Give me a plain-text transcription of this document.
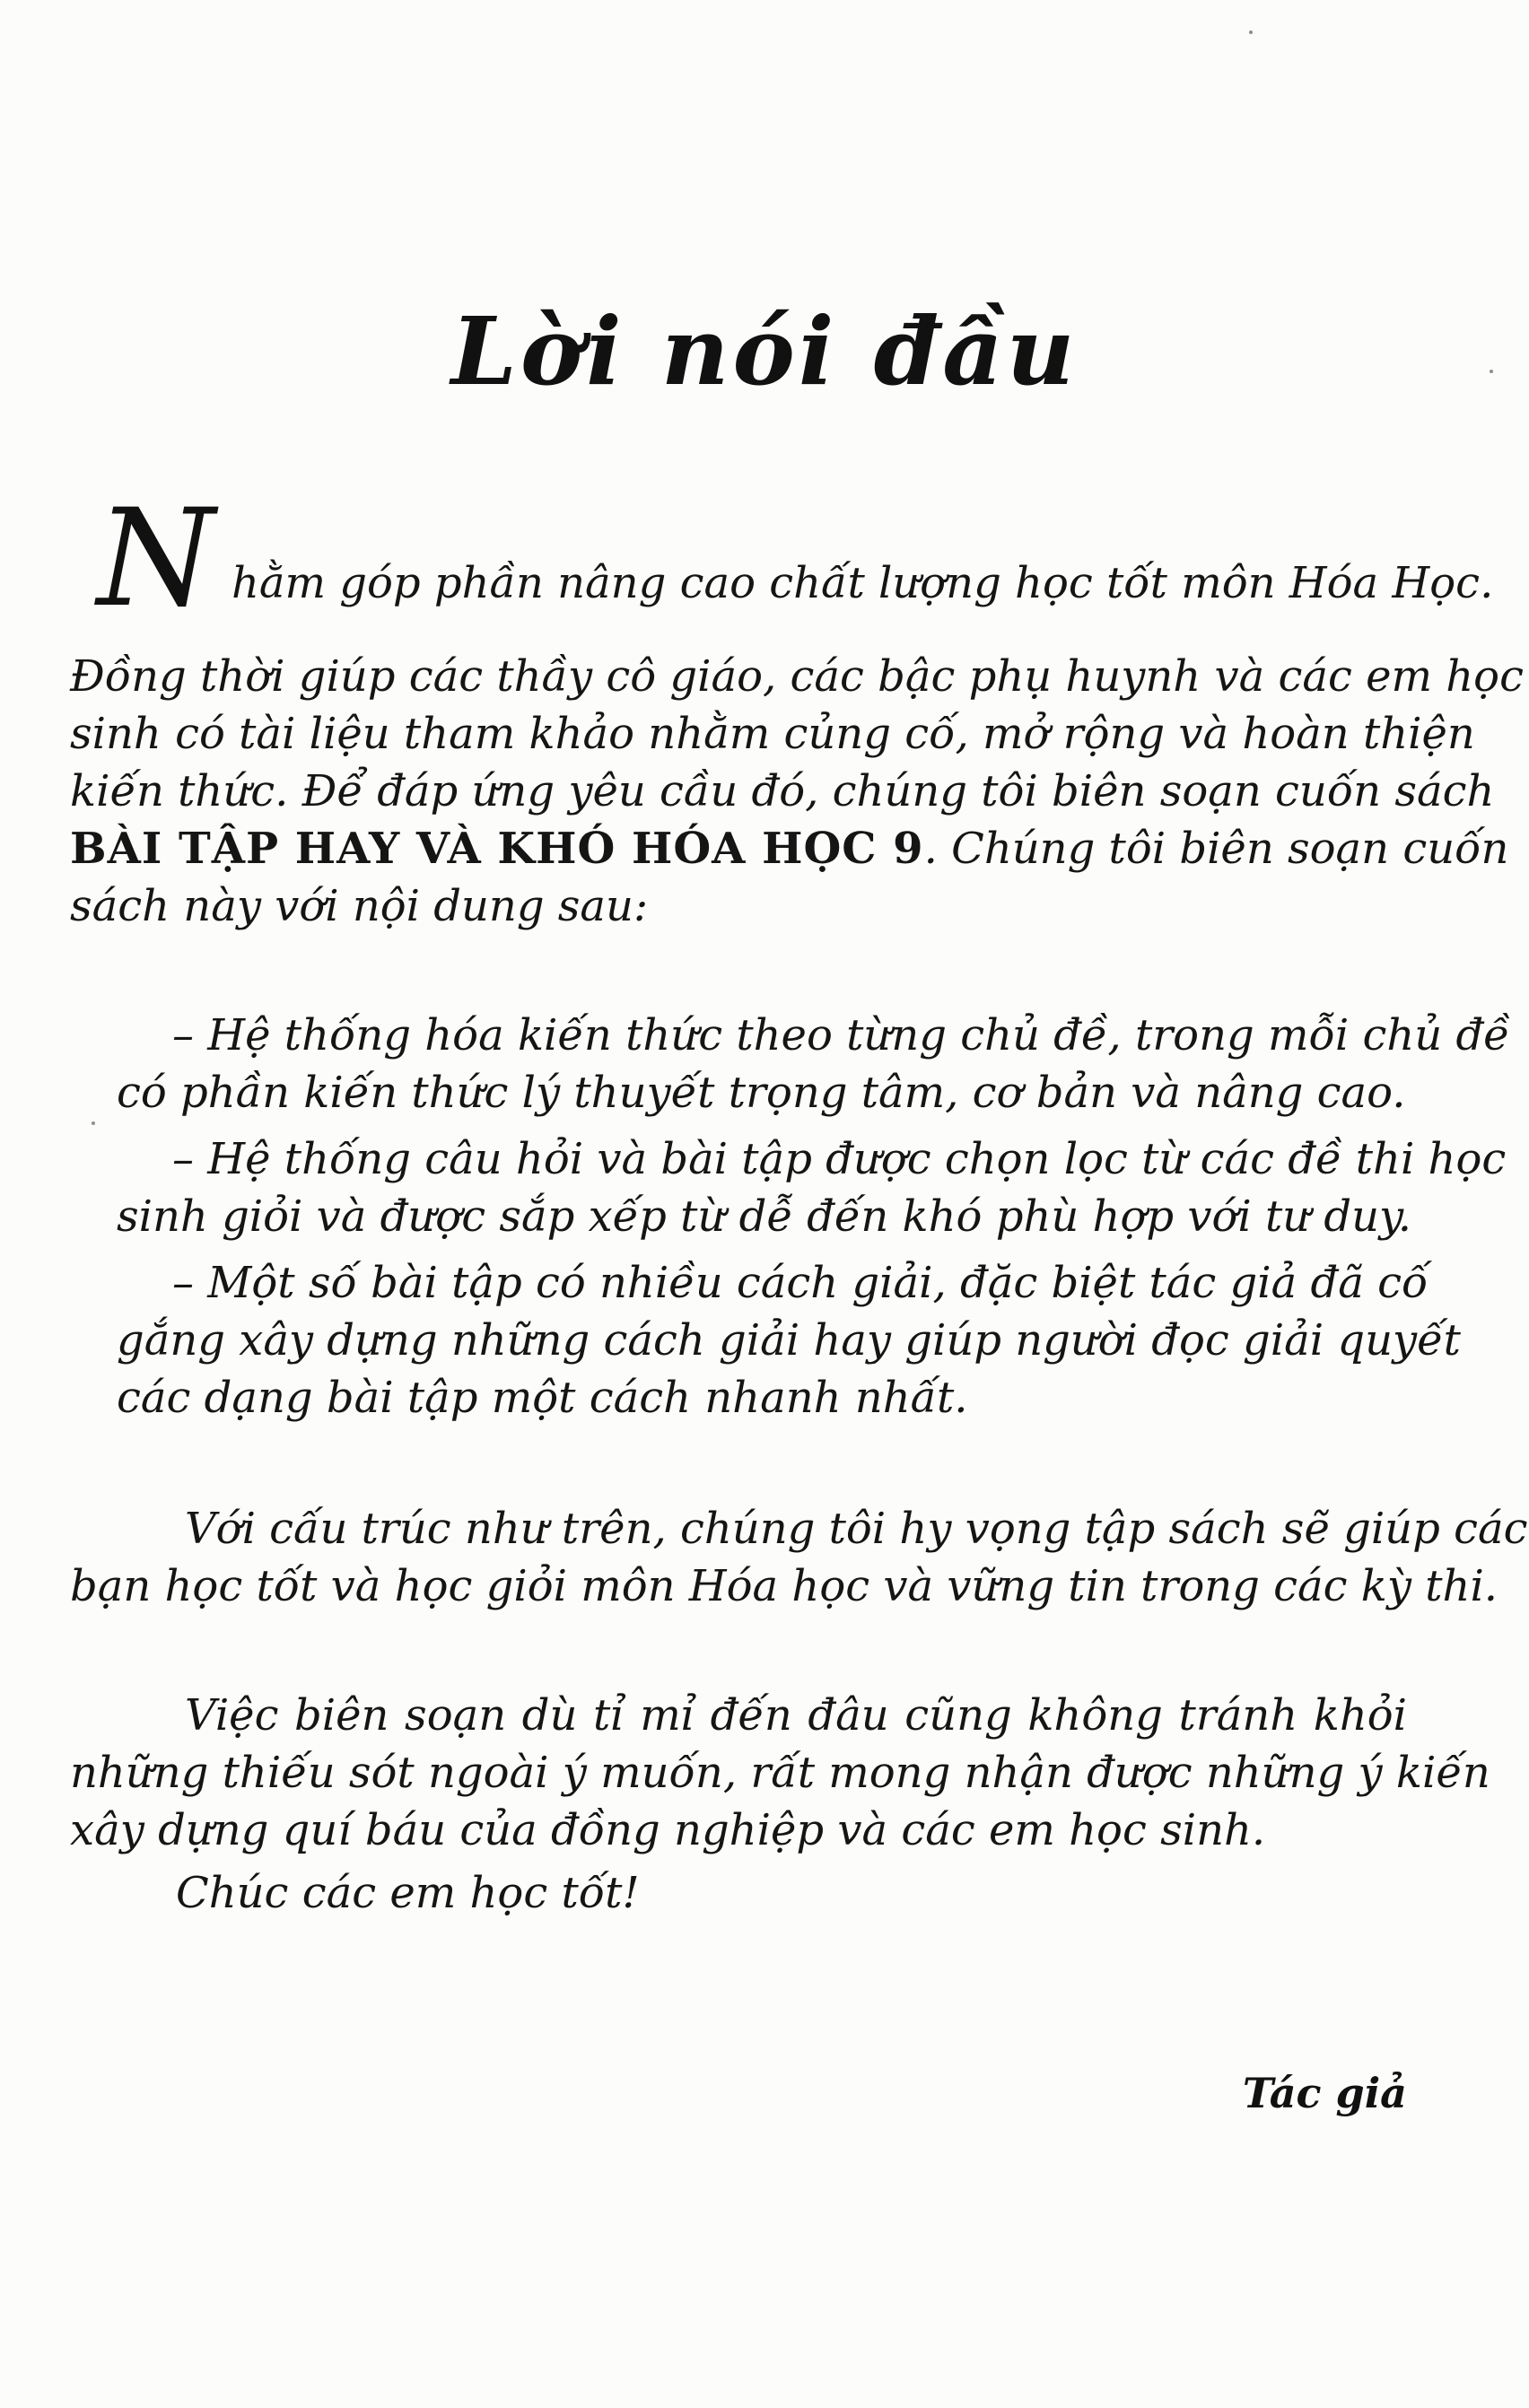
Lời nói đầu
N hằm góp phần nâng cao chất lượng học tốt môn Hóa Học.
Đồng thời giúp các thầy cô giáo, các bậc phụ huynh và các em học
sinh có tài liệu tham khảo nhằm củng cố, mở rộng và hoàn thiện
kiến thức. Để đáp ứng yêu cầu đó, chúng tôi biên soạn cuốn sách
BÀI TẬP HAY VÀ KHÓ HÓA HỌC 9. Chúng tôi biên soạn cuốn
sách này với nội dung sau:
– Hệ thống hóa kiến thức theo từng chủ đề, trong mỗi chủ đề
có phần kiến thức lý thuyết trọng tâm, cơ bản và nâng cao.
– Hệ thống câu hỏi và bài tập được chọn lọc từ các đề thi học
sinh giỏi và được sắp xếp từ dễ đến khó phù hợp với tư duy.
– Một số bài tập có nhiều cách giải, đặc biệt tác giả đã cố
gắng xây dựng những cách giải hay giúp người đọc giải quyết
các dạng bài tập một cách nhanh nhất.
Với cấu trúc như trên, chúng tôi hy vọng tập sách sẽ giúp các
bạn học tốt và học giỏi môn Hóa học và vững tin trong các kỳ thi.
Việc biên soạn dù tỉ mỉ đến đâu cũng không tránh khỏi
những thiếu sót ngoài ý muốn, rất mong nhận được những ý kiến
xây dựng quí báu của đồng nghiệp và các em học sinh.
Chúc các em học tốt!
Tác giả
